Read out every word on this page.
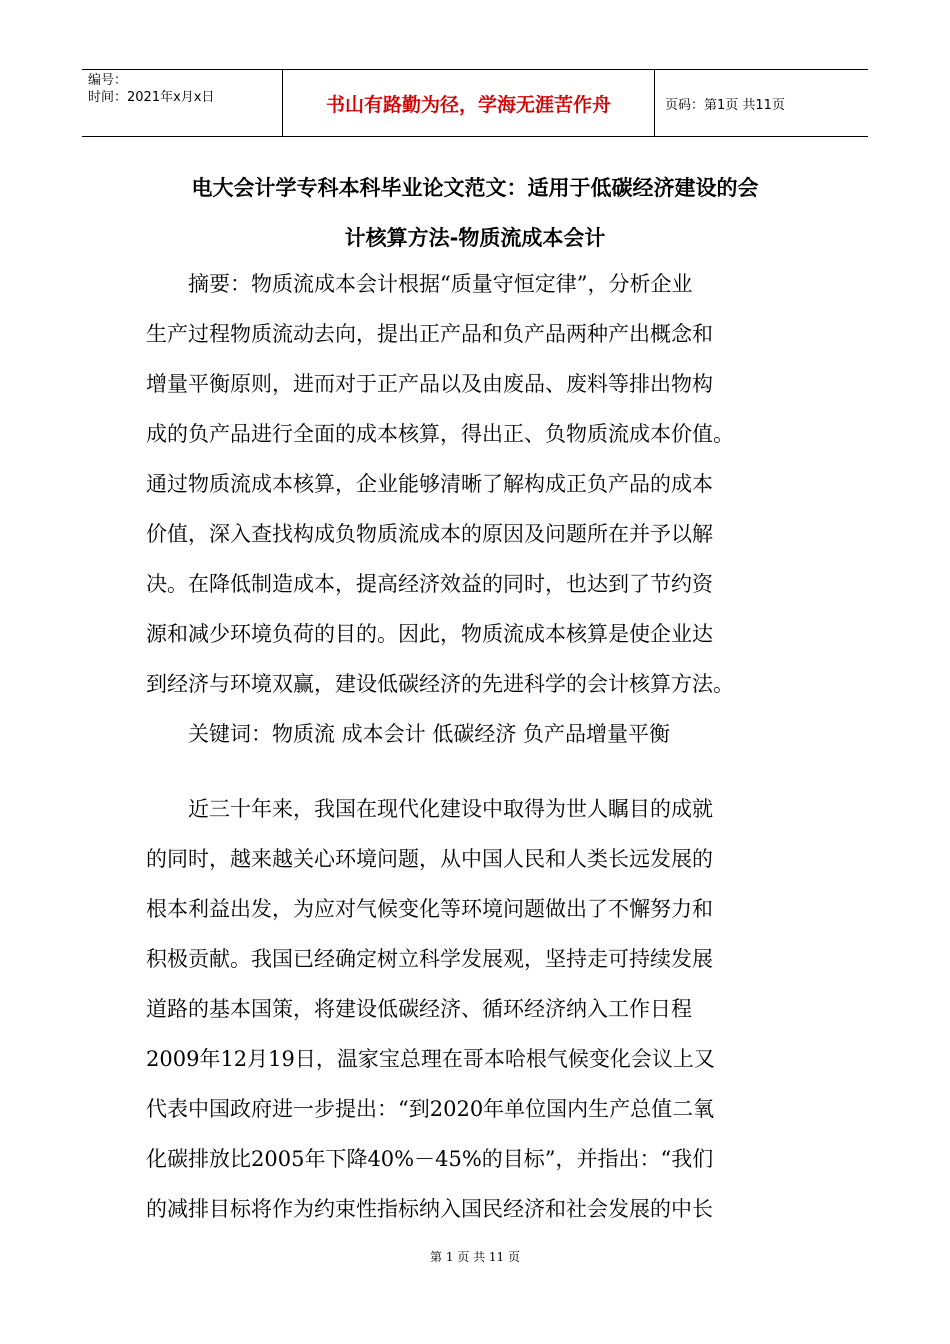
编号：
时间：2021年x月x日	书山有路勤为径，学海无涯苦作舟	页码：第1页 共11页
电大会计学专科本科毕业论文范文：适用于低碳经济建设的会
计核算方法-物质流成本会计
　　摘要：物质流成本会计根据“质量守恒定律”，分析企业
生产过程物质流动去向，提出正产品和负产品两种产出概念和
增量平衡原则，进而对于正产品以及由废品、废料等排出物构
成的负产品进行全面的成本核算，得出正、负物质流成本价值。
通过物质流成本核算，企业能够清晰了解构成正负产品的成本
价值，深入查找构成负物质流成本的原因及问题所在并予以解
决。在降低制造成本，提高经济效益的同时，也达到了节约资
源和减少环境负荷的目的。因此，物质流成本核算是使企业达
到经济与环境双赢，建设低碳经济的先进科学的会计核算方法。
　　关键词：物质流 成本会计 低碳经济 负产品增量平衡
　　近三十年来，我国在现代化建设中取得为世人瞩目的成就
的同时，越来越关心环境问题，从中国人民和人类长远发展的
根本利益出发，为应对气候变化等环境问题做出了不懈努力和
积极贡献。我国已经确定树立科学发展观，坚持走可持续发展
道路的基本国策，将建设低碳经济、循环经济纳入工作日程
2009年12月19日，温家宝总理在哥本哈根气候变化会议上又
代表中国政府进一步提出：“到2020年单位国内生产总值二氧
化碳排放比2005年下降40%－45%的目标”，并指出：“我们
的减排目标将作为约束性指标纳入国民经济和社会发展的中长
第 1 页 共 11 页
